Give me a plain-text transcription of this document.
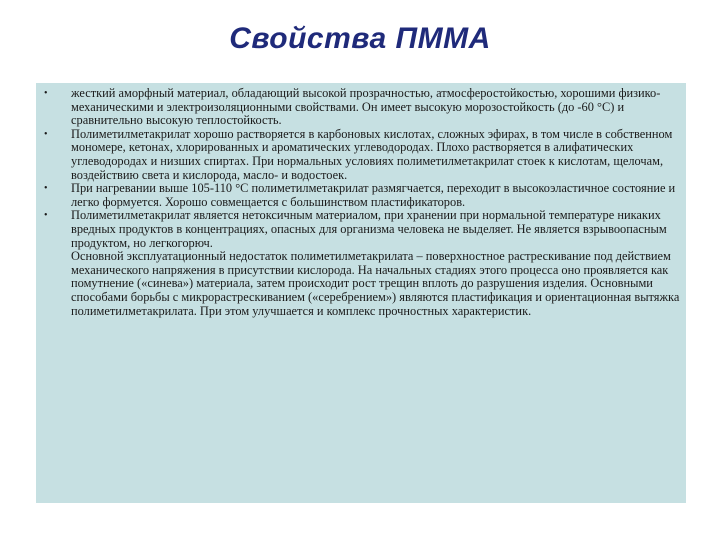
Свойства ПММА
• жесткий аморфный материал, обладающий высокой прозрачностью, атмосферостойкостью, хорошими физико-механическими и электроизоляционными свойствами. Он имеет высокую морозостойкость (до -60 °С) и сравнительно высокую теплостойкость.
• Полиметилметакрилат хорошо растворяется в карбоновых кислотах, сложных эфирах, в том числе в собственном мономере, кетонах, хлорированных и ароматических углеводородах. Плохо растворяется в алифатических углеводородах и низших спиртах. При нормальных условиях полиметилметакрилат стоек к кислотам, щелочам, воздействию света и кислорода, масло- и водостоек.
• При нагревании выше 105-110 °С полиметилметакрилат размягчается, переходит в высокоэластичное состояние и легко формуется. Хорошо совмещается с большинством пластификаторов.
• Полиметилметакрилат является нетоксичным материалом, при хранении при нормальной температуре никаких вредных продуктов в концентрациях, опасных для организма человека не выделяет. Не является взрывоопасным продуктом, но легкогорюч.
Основной эксплуатационный недостаток полиметилметакрилата – поверхностное растрескивание под действием механического напряжения в присутствии кислорода. На начальных стадиях этого процесса оно проявляется как помутнение («синева») материала, затем происходит рост трещин вплоть до разрушения изделия. Основными способами борьбы с микрорастрескиванием («серебрением») являются пластификация и ориентационная вытяжка полиметилметакрилата. При этом улучшается и комплекс прочностных характеристик.
